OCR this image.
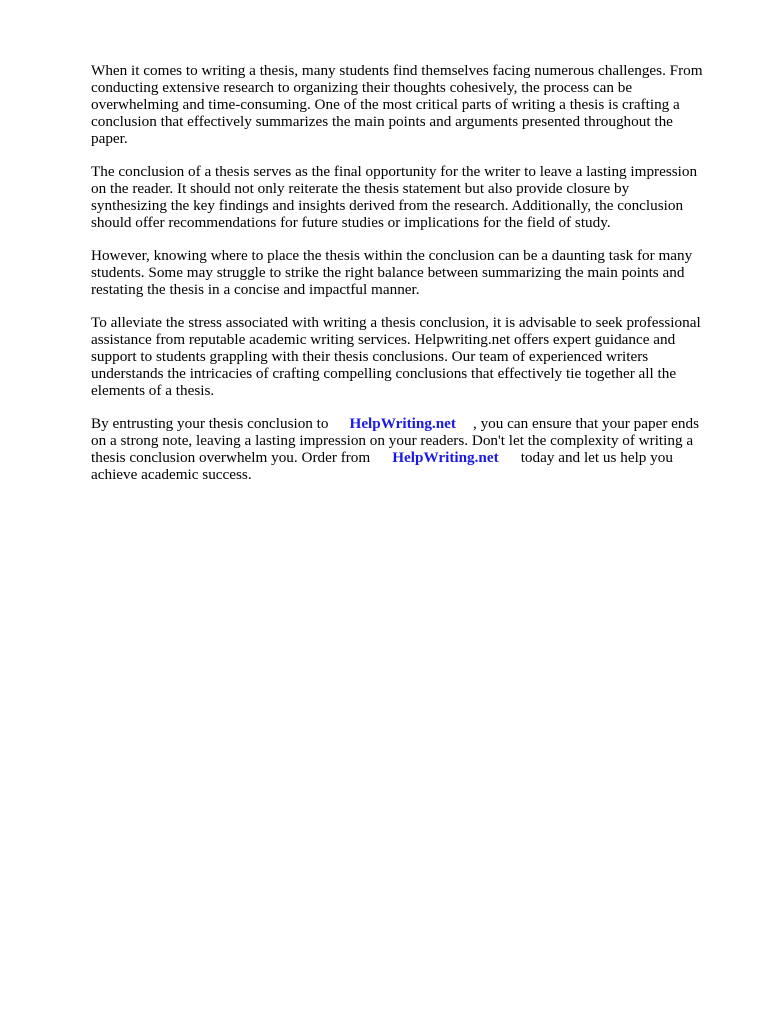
When it comes to writing a thesis, many students find themselves facing numerous challenges. From
conducting extensive research to organizing their thoughts cohesively, the process can be
overwhelming and time-consuming. One of the most critical parts of writing a thesis is crafting a
conclusion that effectively summarizes the main points and arguments presented throughout the
paper.

The conclusion of a thesis serves as the final opportunity for the writer to leave a lasting impression
on the reader. It should not only reiterate the thesis statement but also provide closure by
synthesizing the key findings and insights derived from the research. Additionally, the conclusion
should offer recommendations for future studies or implications for the field of study.

However, knowing where to place the thesis within the conclusion can be a daunting task for many
students. Some may struggle to strike the right balance between summarizing the main points and
restating the thesis in a concise and impactful manner.

To alleviate the stress associated with writing a thesis conclusion, it is advisable to seek professional
assistance from reputable academic writing services. Helpwriting.net offers expert guidance and
support to students grappling with their thesis conclusions. Our team of experienced writers
understands the intricacies of crafting compelling conclusions that effectively tie together all the
elements of a thesis.

By entrusting your thesis conclusion to HelpWriting.net , you can ensure that your paper ends
on a strong note, leaving a lasting impression on your readers. Don't let the complexity of writing a
thesis conclusion overwhelm you. Order from HelpWriting.net today and let us help you
achieve academic success.
